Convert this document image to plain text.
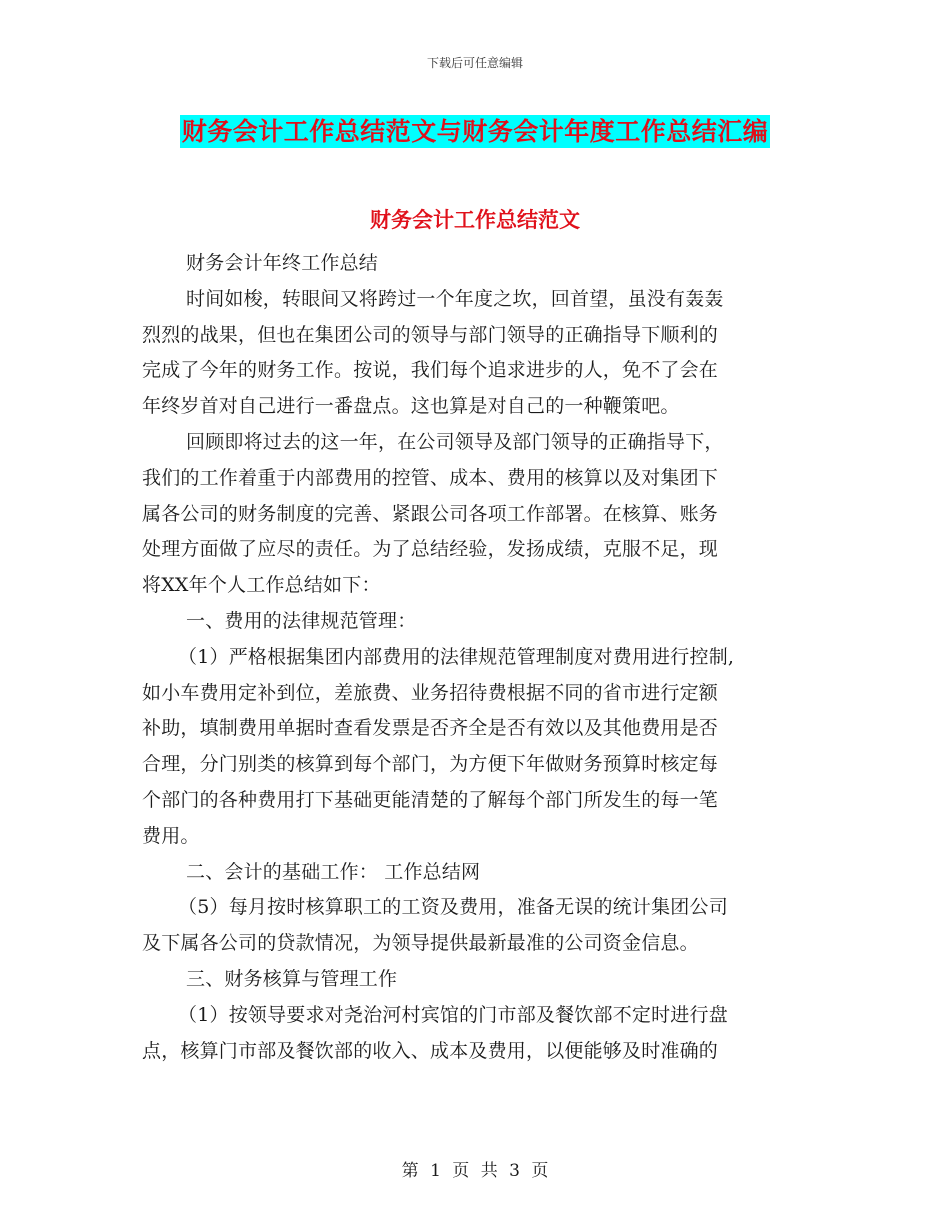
下载后可任意编辑
财务会计工作总结范文与财务会计年度工作总结汇编
财务会计工作总结范文

财务会计年终工作总结

时间如梭，转眼间又将跨过一个年度之坎，回首望，虽没有轰轰

烈烈的战果，但也在集团公司的领导与部门领导的正确指导下顺利的

完成了今年的财务工作。按说，我们每个追求进步的人，免不了会在

年终岁首对自己进行一番盘点。这也算是对自己的一种鞭策吧。

回顾即将过去的这一年，在公司领导及部门领导的正确指导下，

我们的工作着重于内部费用的控管、成本、费用的核算以及对集团下

属各公司的财务制度的完善、紧跟公司各项工作部署。在核算、账务

处理方面做了应尽的责任。为了总结经验，发扬成绩，克服不足，现

将XX年个人工作总结如下：

一、费用的法律规范管理：

（1）严格根据集团内部费用的法律规范管理制度对费用进行控制,

如小车费用定补到位，差旅费、业务招待费根据不同的省市进行定额

补助，填制费用单据时查看发票是否齐全是否有效以及其他费用是否

合理，分门别类的核算到每个部门，为方便下年做财务预算时核定每

个部门的各种费用打下基础更能清楚的了解每个部门所发生的每一笔

费用。

二、会计的基础工作： 工作总结网

（5）每月按时核算职工的工资及费用，准备无误的统计集团公司

及下属各公司的贷款情况，为领导提供最新最准的公司资金信息。

三、财务核算与管理工作

（1）按领导要求对尧治河村宾馆的门市部及餐饮部不定时进行盘

点，核算门市部及餐饮部的收入、成本及费用，以便能够及时准确的

第 1 页 共 3 页
